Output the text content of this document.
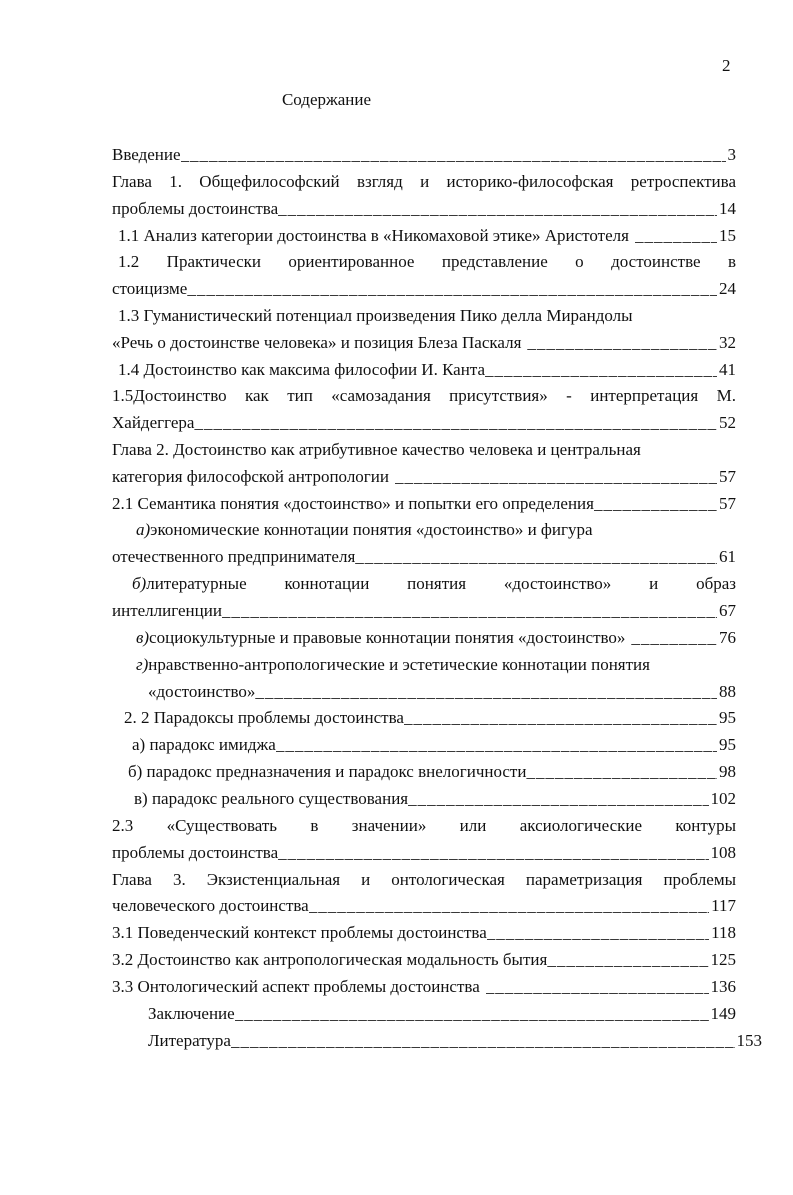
2
Содержание
Введение _____	3
Глава 1. Общефилософский взгляд и историко-философская ретроспектива
проблемы достоинства _____	14
1.1 Анализ категории достоинства в «Никомаховой этике» Аристотеля _____	15
1.2 Практически ориентированное представление о достоинстве в
стоицизме _____	24
1.3 Гуманистический потенциал произведения Пико делла Мирандолы
«Речь о достоинстве человека» и позиция Блеза Паскаля _____	32
1.4 Достоинство как максима философии И. Канта _____	41
1.5Достоинство как тип «самозадания присутствия» - интерпретация М.
Хайдеггера _____	52
Глава 2. Достоинство как атрибутивное качество человека и центральная
категория философской антропологии _____	57
2.1 Семантика понятия «достоинство» и попытки его определения _____	57
а) экономические коннотации понятия «достоинство» и фигура
отечественного предпринимателя _____	61
б)литературные коннотации понятия «достоинство» и образ
интеллигенции _____	67
в) социокультурные и правовые коннотации понятия «достоинство» _____	76
г) нравственно-антропологические и эстетические коннотации понятия
«достоинство» _____	88
2. 2 Парадоксы проблемы достоинства _____	95
а) парадокс имиджа _____	95
б) парадокс предназначения и парадокс внелогичности _____	98
в) парадокс реального существования _____	102
2.3 «Существовать в значении» или аксиологические контуры
проблемы достоинства _____	108
Глава 3. Экзистенциальная и онтологическая параметризация проблемы
человеческого достоинства _____	117
3.1 Поведенческий контекст проблемы достоинства _____	118
3.2 Достоинство как антропологическая модальность бытия _____	125
3.3 Онтологический аспект проблемы достоинства _____	136
Заключение _____	149
Литература _____	153
